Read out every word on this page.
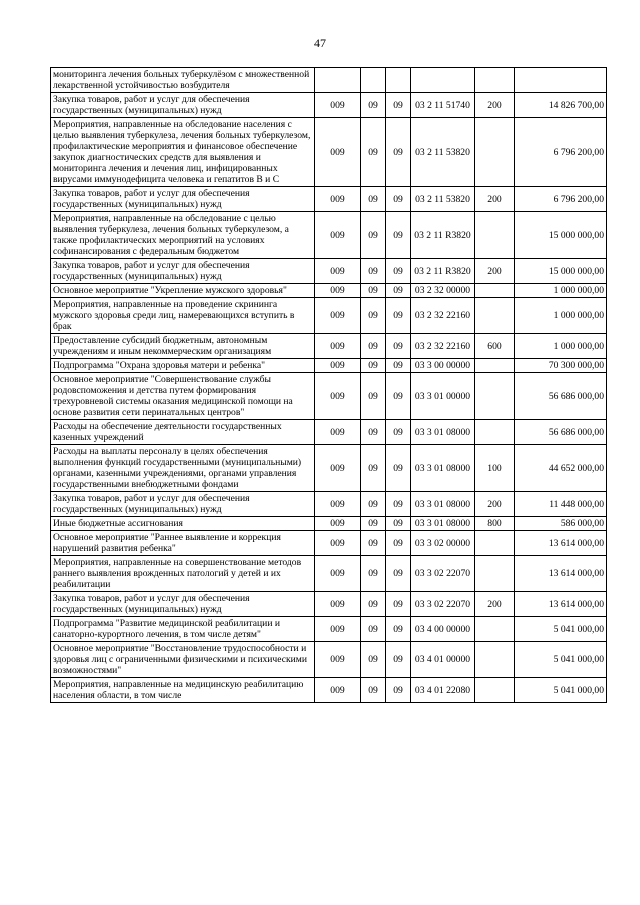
47
мониторинга лечения больных туберкулёзом с множественной лекарственной устойчивостью возбудителя						
Закупка товаров, работ и услуг для обеспечения государственных (муниципальных) нужд	009	09	09	03 2 11 51740	200	14 826 700,00
Мероприятия, направленные на обследование населения с целью выявления туберкулеза, лечения больных туберкулезом, профилактические мероприятия и финансовое обеспечение закупок диагностических средств для выявления и мониторинга лечения и лечения лиц, инфицированных вирусами иммунодефицита человека и гепатитов В и С	009	09	09	03 2 11 53820		6 796 200,00
Закупка товаров, работ и услуг для обеспечения государственных (муниципальных) нужд	009	09	09	03 2 11 53820	200	6 796 200,00
Мероприятия, направленные на обследование с целью выявления туберкулеза, лечения больных туберкулезом, а также профилактических мероприятий на условиях софинансирования с федеральным бюджетом	009	09	09	03 2 11 R3820		15 000 000,00
Закупка товаров, работ и услуг для обеспечения государственных (муниципальных) нужд	009	09	09	03 2 11 R3820	200	15 000 000,00
Основное мероприятие "Укрепление мужского здоровья"	009	09	09	03 2 32 00000		1 000 000,00
Мероприятия, направленные на проведение скрининга мужского здоровья среди лиц, намеревающихся вступить в брак	009	09	09	03 2 32 22160		1 000 000,00
Предоставление субсидий бюджетным, автономным учреждениям и иным некоммерческим организациям	009	09	09	03 2 32 22160	600	1 000 000,00
Подпрограмма "Охрана здоровья матери и ребенка"	009	09	09	03 3 00 00000		70 300 000,00
Основное мероприятие "Совершенствование службы родовспоможения и детства путем формирования трехуровневой системы оказания медицинской помощи на основе развития сети перинатальных центров"	009	09	09	03 3 01 00000		56 686 000,00
Расходы на обеспечение деятельности государственных казенных учреждений	009	09	09	03 3 01 08000		56 686 000,00
Расходы на выплаты персоналу в целях обеспечения выполнения функций государственными (муниципальными) органами, казенными учреждениями, органами управления государственными внебюджетными фондами	009	09	09	03 3 01 08000	100	44 652 000,00
Закупка товаров, работ и услуг для обеспечения государственных (муниципальных) нужд	009	09	09	03 3 01 08000	200	11 448 000,00
Иные бюджетные ассигнования	009	09	09	03 3 01 08000	800	586 000,00
Основное мероприятие "Раннее выявление и коррекция нарушений развития ребенка"	009	09	09	03 3 02 00000		13 614 000,00
Мероприятия, направленные на совершенствование методов раннего выявления врожденных патологий у детей и их реабилитации	009	09	09	03 3 02 22070		13 614 000,00
Закупка товаров, работ и услуг для обеспечения государственных (муниципальных) нужд	009	09	09	03 3 02 22070	200	13 614 000,00
Подпрограмма "Развитие медицинской реабилитации и санаторно-курортного лечения, в том числе детям"	009	09	09	03 4 00 00000		5 041 000,00
Основное мероприятие "Восстановление трудоспособности и здоровья лиц с ограниченными физическими и психическими возможностями"	009	09	09	03 4 01 00000		5 041 000,00
Мероприятия, направленные на медицинскую реабилитацию населения области, в том числе	009	09	09	03 4 01 22080		5 041 000,00
